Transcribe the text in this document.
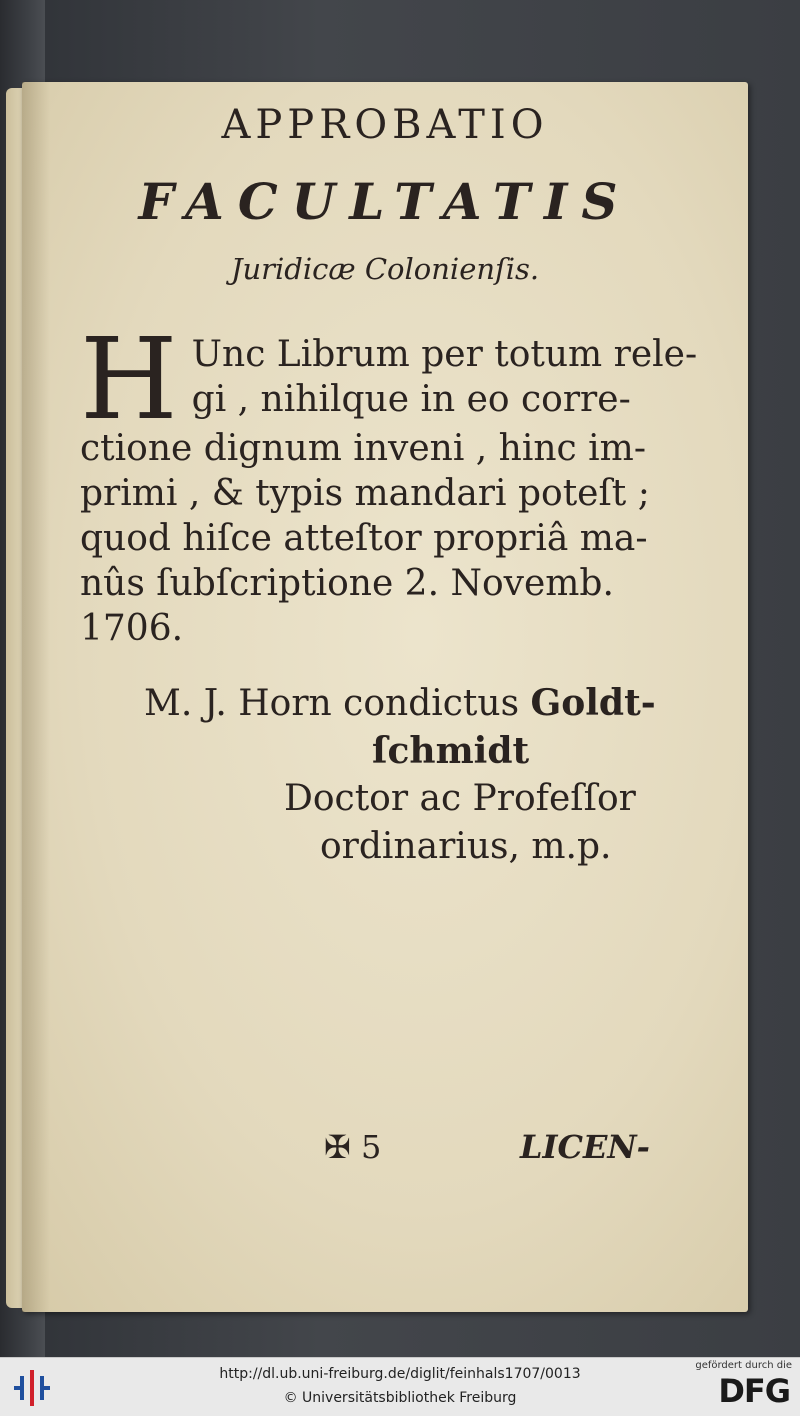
APPROBATIO
FACULTATIS
Juridicæ Colonienſis.
H Unc Librum per totum rele-
gi , nihilque in eo corre-
ctione dignum inveni , hinc im-
primi , & typis mandari poteſt ;
quod hiſce atteſtor propriâ ma-
nûs ſubſcriptione 2. Novemb.
1706.
M. J. Horn condictus Goldt-
ſchmidt
Doctor ac Profeſſor
ordinarius, m.p.
✠ 5	LICEN-
http://dl.ub.uni-freiburg.de/diglit/feinhals1707/0013
© Universitätsbibliothek Freiburg
gefördert durch die
DFG
